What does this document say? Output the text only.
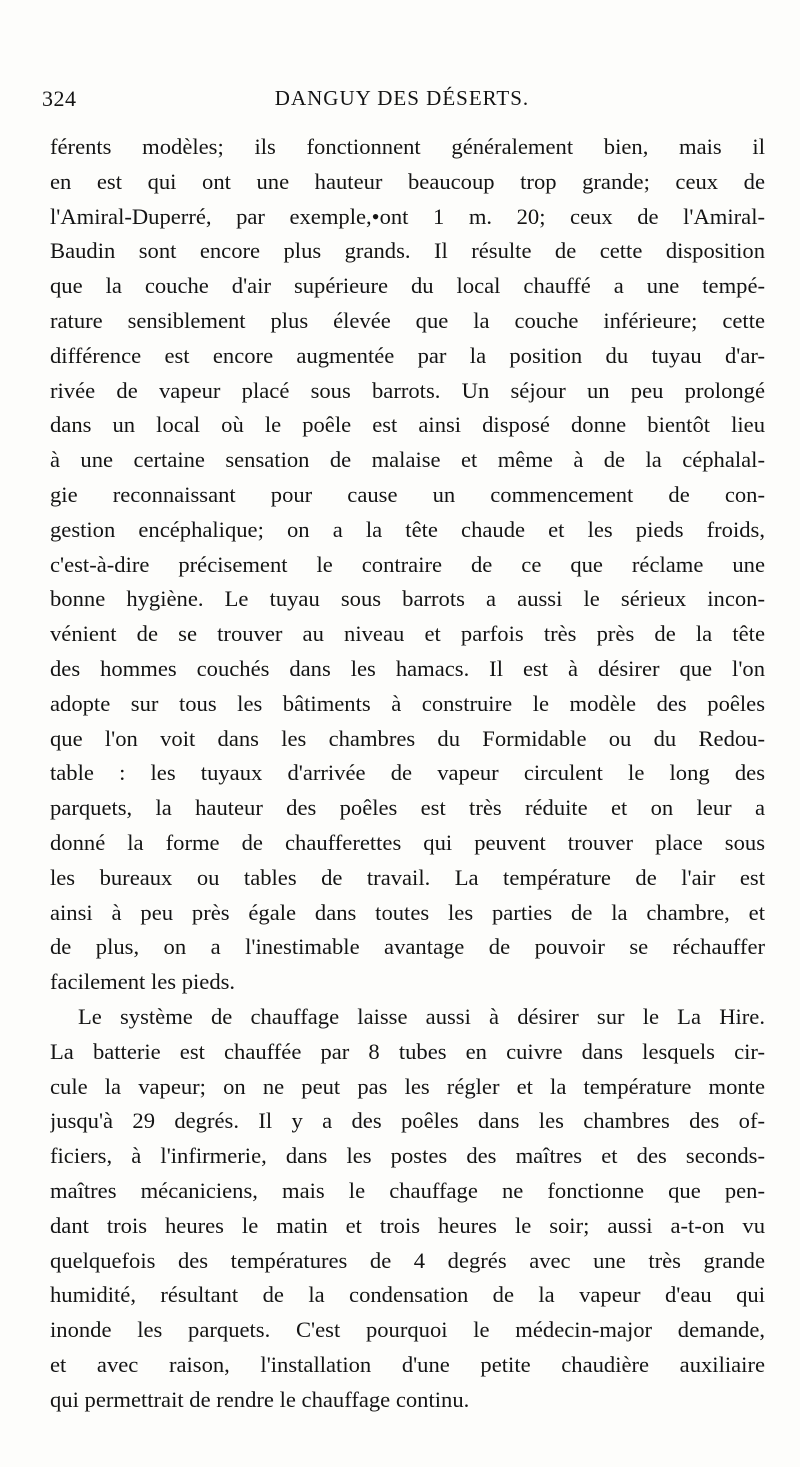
324	DANGUY DES DÉSERTS.
férents modèles; ils fonctionnent généralement bien, mais il
en est qui ont une hauteur beaucoup trop grande; ceux de
l'Amiral-Duperré, par exemple,•ont 1 m. 20; ceux de l'Amiral-
Baudin sont encore plus grands. Il résulte de cette disposition
que la couche d'air supérieure du local chauffé a une tempé-
rature sensiblement plus élevée que la couche inférieure; cette
différence est encore augmentée par la position du tuyau d'ar-
rivée de vapeur placé sous barrots. Un séjour un peu prolongé
dans un local où le poêle est ainsi disposé donne bientôt lieu
à une certaine sensation de malaise et même à de la céphalal-
gie reconnaissant pour cause un commencement de con-
gestion encéphalique; on a la tête chaude et les pieds froids,
c'est-à-dire précisement le contraire de ce que réclame une
bonne hygiène. Le tuyau sous barrots a aussi le sérieux incon-
vénient de se trouver au niveau et parfois très près de la tête
des hommes couchés dans les hamacs. Il est à désirer que l'on
adopte sur tous les bâtiments à construire le modèle des poêles
que l'on voit dans les chambres du Formidable ou du Redou-
table : les tuyaux d'arrivée de vapeur circulent le long des
parquets, la hauteur des poêles est très réduite et on leur a
donné la forme de chaufferettes qui peuvent trouver place sous
les bureaux ou tables de travail. La température de l'air est
ainsi à peu près égale dans toutes les parties de la chambre, et
de plus, on a l'inestimable avantage de pouvoir se réchauffer
facilement les pieds.
Le système de chauffage laisse aussi à désirer sur le La Hire.
La batterie est chauffée par 8 tubes en cuivre dans lesquels cir-
cule la vapeur; on ne peut pas les régler et la température monte
jusqu'à 29 degrés. Il y a des poêles dans les chambres des of-
ficiers, à l'infirmerie, dans les postes des maîtres et des seconds-
maîtres mécaniciens, mais le chauffage ne fonctionne que pen-
dant trois heures le matin et trois heures le soir; aussi a-t-on vu
quelquefois des températures de 4 degrés avec une très grande
humidité, résultant de la condensation de la vapeur d'eau qui
inonde les parquets. C'est pourquoi le médecin-major demande,
et avec raison, l'installation d'une petite chaudière auxiliaire
qui permettrait de rendre le chauffage continu.
